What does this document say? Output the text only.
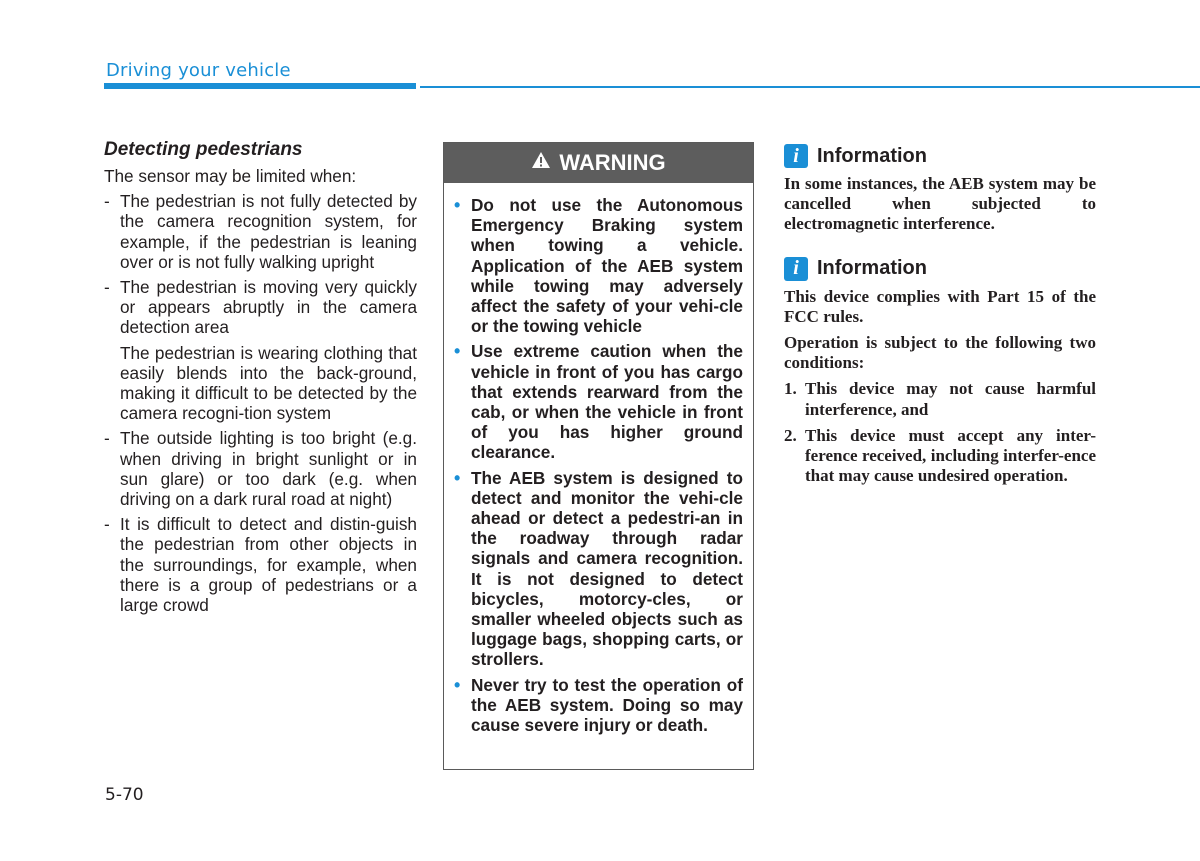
Driving your vehicle
Detecting pedestrians
The sensor may be limited when:
- The pedestrian is not fully detected by the camera recognition system, for example, if the pedestrian is leaning over or is not fully walking upright
- The pedestrian is moving very quickly or appears abruptly in the camera detection area
The pedestrian is wearing clothing that easily blends into the back-ground, making it difficult to be detected by the camera recogni-tion system
- The outside lighting is too bright (e.g. when driving in bright sunlight or in sun glare) or too dark (e.g. when driving on a dark rural road at night)
- It is difficult to detect and distin-guish the pedestrian from other objects in the surroundings, for example, when there is a group of pedestrians or a large crowd
WARNING
• Do not use the Autonomous Emergency Braking system when towing a vehicle. Application of the AEB system while towing may adversely affect the safety of your vehi-cle or the towing vehicle
• Use extreme caution when the vehicle in front of you has cargo that extends rearward from the cab, or when the vehicle in front of you has higher ground clearance.
• The AEB system is designed to detect and monitor the vehi-cle ahead or detect a pedestri-an in the roadway through radar signals and camera recognition. It is not designed to detect bicycles, motorcy-cles, or smaller wheeled objects such as luggage bags, shopping carts, or strollers.
• Never try to test the operation of the AEB system. Doing so may cause severe injury or death.
i Information
In some instances, the AEB system may be cancelled when subjected to electromagnetic interference.
i Information
This device complies with Part 15 of the FCC rules.
Operation is subject to the following two conditions:
1. This device may not cause harmful interference, and
2. This device must accept any inter-ference received, including interfer-ence that may cause undesired operation.
5-70
